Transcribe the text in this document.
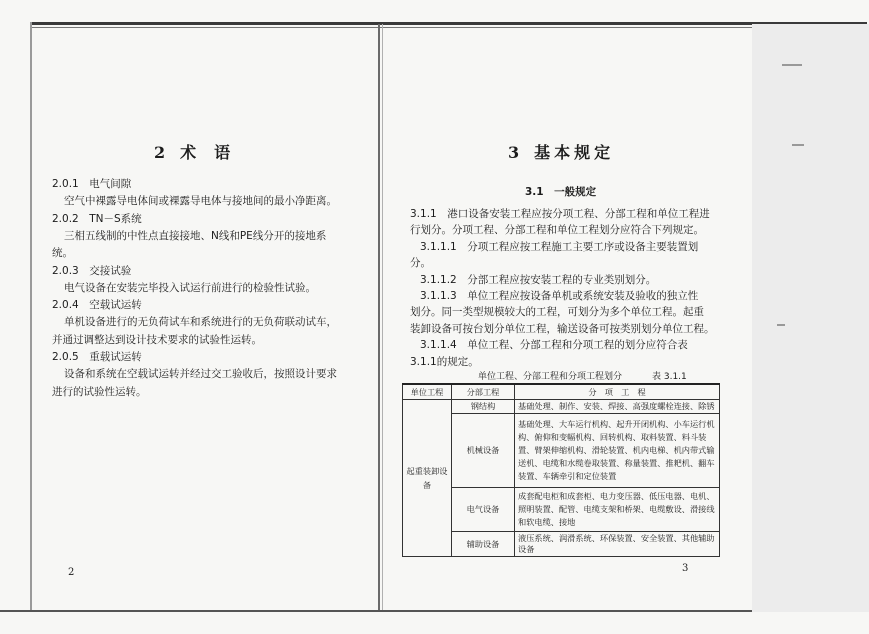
2 术　语
2.0.1　电气间隙
空气中裸露导电体间或裸露导电体与接地间的最小净距离。
2.0.2　TN－S系统
三相五线制的中性点直接接地、N线和PE线分开的接地系
统。
2.0.3　交接试验
电气设备在安装完毕投入试运行前进行的检验性试验。
2.0.4　空载试运转
单机设备进行的无负荷试车和系统进行的无负荷联动试车，
并通过调整达到设计技术要求的试验性运转。
2.0.5　重载试运转
设备和系统在空载试运转并经过交工验收后，按照设计要求
进行的试验性运转。
2
3 基本规定
3.1　一般规定
3.1.1　港口设备安装工程应按分项工程、分部工程和单位工程进
行划分。分项工程、分部工程和单位工程划分应符合下列规定。
3.1.1.1　分项工程应按工程施工主要工序或设备主要装置划
分。
3.1.1.2　分部工程应按安装工程的专业类别划分。
3.1.1.3　单位工程应按设备单机或系统安装及验收的独立性
划分。同一类型规模较大的工程，可划分为多个单位工程。起重
装卸设备可按台划分单位工程，输送设备可按类别划分单位工程。
3.1.1.4　单位工程、分部工程和分项工程的划分应符合表
3.1.1的规定。
单位工程、分部工程和分项工程划分	表 3.1.1
单位工程	分部工程	分　项　工　程
起重装卸设备	钢结构	基础处理、制作、安装、焊接、高强度螺栓连接、除锈
	机械设备	基础处理、大车运行机构、起升开闭机构、小车运行机构、俯仰和变幅机构、回转机构、取料装置、料斗装置、臂架伸缩机构、滑轮装置、机内电梯、机内带式输送机、电缆和水缆卷取装置、称量装置、推耙机、翻车装置、车辆牵引和定位装置
	电气设备	成套配电柜和成套柜、电力变压器、低压电器、电机、照明装置、配管、电缆支架和桥架、电缆敷设、滑接线和软电缆、接地
	辅助设备	液压系统、润滑系统、环保装置、安全装置、其他辅助设备
3
